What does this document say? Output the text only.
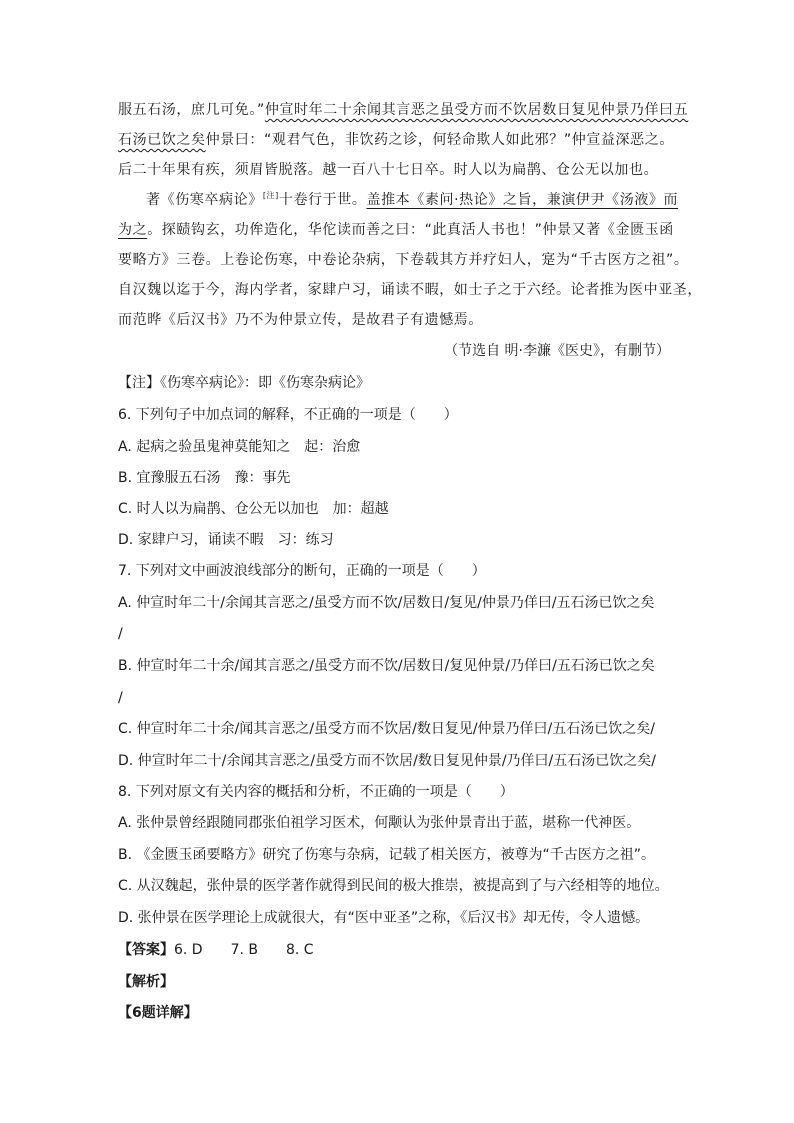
服五石汤，庶几可免。”仲宣时年二十余闻其言恶之虽受方而不饮居数日复见仲景乃佯曰五
石汤已饮之矣仲景曰：“观君气色，非饮药之诊，何轻命欺人如此邪？”仲宣益深恶之。
后二十年果有疾，须眉皆脱落。越一百八十七日卒。时人以为扁鹊、仓公无以加也。
著《伤寒卒病论》[注]十卷行于世。盖推本《素问·热论》之旨，兼演伊尹《汤液》而
为之。探赜钩玄，功侔造化，华佗读而善之曰：“此真活人书也！”仲景又著《金匮玉函
要略方》三卷。上卷论伤寒，中卷论杂病，下卷载其方并疗妇人，寔为“千古医方之祖”。
自汉魏以迄于今，海内学者，家肆户习，诵读不暇，如士子之于六经。论者推为医中亚圣，
而范晔《后汉书》乃不为仲景立传，是故君子有遗憾焉。
（节选自 明·李濂《医史》，有删节）
【注】《伤寒卒病论》：即《伤寒杂病论》
6. 下列句子中加点词的解释，不正确的一项是（　　）
A. 起病之验虽鬼神莫能知之　起：治愈
B. 宜豫服五石汤　豫：事先
C. 时人以为扁鹊、仓公无以加也　加：超越
D. 家肆户习，诵读不暇　习：练习
7. 下列对文中画波浪线部分的断句，正确的一项是（　　）
A. 仲宣时年二十/余闻其言恶之/虽受方而不饮/居数日/复见/仲景乃佯曰/五石汤已饮之矣
/
B. 仲宣时年二十余/闻其言恶之/虽受方而不饮/居数日/复见仲景/乃佯曰/五石汤已饮之矣
/
C. 仲宣时年二十余/闻其言恶之/虽受方而不饮居/数日复见/仲景乃佯曰/五石汤已饮之矣/
D. 仲宣时年二十/余闻其言恶之/虽受方而不饮居/数日复见仲景/乃佯曰/五石汤已饮之矣/
8. 下列对原文有关内容的概括和分析，不正确的一项是（　　）
A. 张仲景曾经跟随同郡张伯祖学习医术，何颙认为张仲景青出于蓝，堪称一代神医。
B. 《金匮玉函要略方》研究了伤寒与杂病，记载了相关医方，被尊为“千古医方之祖”。
C. 从汉魏起，张仲景的医学著作就得到民间的极大推崇，被提高到了与六经相等的地位。
D. 张仲景在医学理论上成就很大，有“医中亚圣”之称，《后汉书》却无传，令人遗憾。
【答案】6. D　　7. B　　8. C
【解析】
【6题详解】
